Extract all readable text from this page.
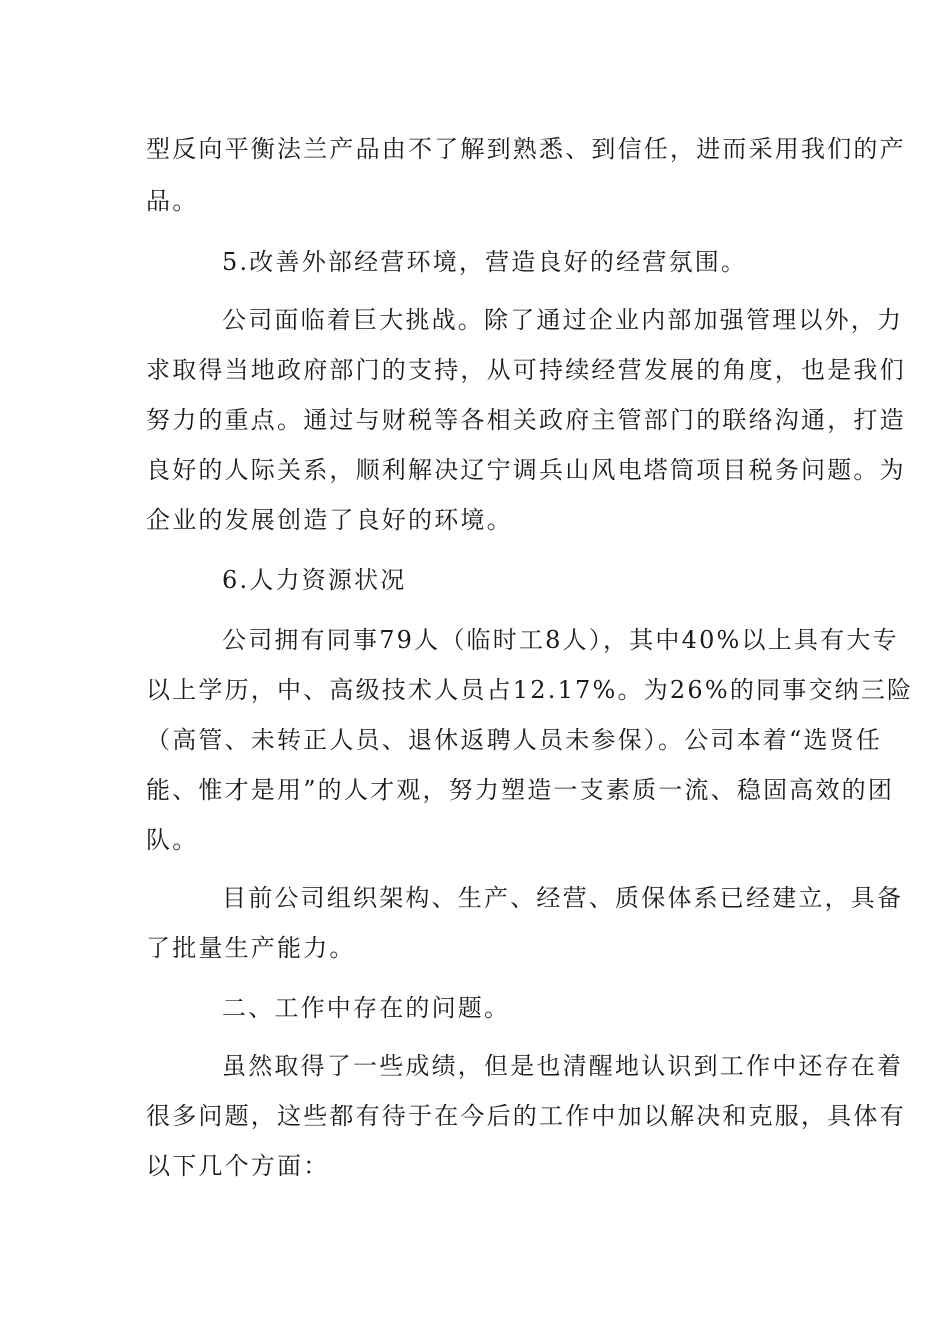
型反向平衡法兰产品由不了解到熟悉、到信任，进而采用我们的产
品。
5.改善外部经营环境，营造良好的经营氛围。
公司面临着巨大挑战。除了通过企业内部加强管理以外，力
求取得当地政府部门的支持，从可持续经营发展的角度，也是我们
努力的重点。通过与财税等各相关政府主管部门的联络沟通，打造
良好的人际关系，顺利解决辽宁调兵山风电塔筒项目税务问题。为
企业的发展创造了良好的环境。
6.人力资源状况
公司拥有同事79人（临时工8人），其中40%以上具有大专
以上学历，中、高级技术人员占12.17%。为26%的同事交纳三险
（高管、未转正人员、退休返聘人员未参保）。公司本着“选贤任
能、惟才是用”的人才观，努力塑造一支素质一流、稳固高效的团
队。
目前公司组织架构、生产、经营、质保体系已经建立，具备
了批量生产能力。
二、工作中存在的问题。
虽然取得了一些成绩，但是也清醒地认识到工作中还存在着
很多问题，这些都有待于在今后的工作中加以解决和克服，具体有
以下几个方面：
